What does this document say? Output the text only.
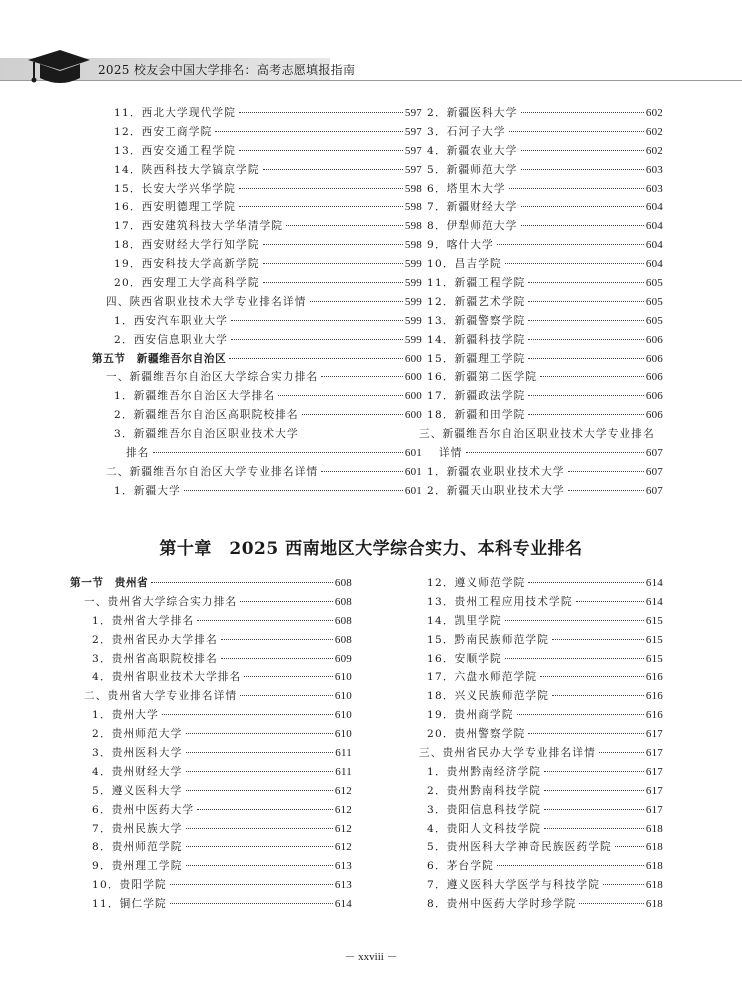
2025 校友会中国大学排名：高考志愿填报指南
11．西北大学现代学院	597
12．西安工商学院	597
13．西安交通工程学院	597
14．陕西科技大学镐京学院	597
15．长安大学兴华学院	598
16．西安明德理工学院	598
17．西安建筑科技大学华清学院	598
18．西安财经大学行知学院	598
19．西安科技大学高新学院	599
20．西安理工大学高科学院	599
四、陕西省职业技术大学专业排名详情	599
1．西安汽车职业大学	599
2．西安信息职业大学	599
第五节　新疆维吾尔自治区	600
一、新疆维吾尔自治区大学综合实力排名	600
1．新疆维吾尔自治区大学排名	600
2．新疆维吾尔自治区高职院校排名	600
3．新疆维吾尔自治区职业技术大学
排名	601
二、新疆维吾尔自治区大学专业排名详情	601
1．新疆大学	601
2．新疆医科大学	602
3．石河子大学	602
4．新疆农业大学	602
5．新疆师范大学	603
6．塔里木大学	603
7．新疆财经大学	604
8．伊犁师范大学	604
9．喀什大学	604
10．昌吉学院	604
11．新疆工程学院	605
12．新疆艺术学院	605
13．新疆警察学院	605
14．新疆科技学院	606
15．新疆理工学院	606
16．新疆第二医学院	606
17．新疆政法学院	606
18．新疆和田学院	606
三、新疆维吾尔自治区职业技术大学专业排名
详情	607
1．新疆农业职业技术大学	607
2．新疆天山职业技术大学	607
第十章　2025 西南地区大学综合实力、本科专业排名
第一节　贵州省	608
一、贵州省大学综合实力排名	608
1．贵州省大学排名	608
2．贵州省民办大学排名	608
3．贵州省高职院校排名	609
4．贵州省职业技术大学排名	610
二、贵州省大学专业排名详情	610
1．贵州大学	610
2．贵州师范大学	610
3．贵州医科大学	611
4．贵州财经大学	611
5．遵义医科大学	612
6．贵州中医药大学	612
7．贵州民族大学	612
8．贵州师范学院	612
9．贵州理工学院	613
10．贵阳学院	613
11．铜仁学院	614
12．遵义师范学院	614
13．贵州工程应用技术学院	614
14．凯里学院	615
15．黔南民族师范学院	615
16．安顺学院	615
17．六盘水师范学院	616
18．兴义民族师范学院	616
19．贵州商学院	616
20．贵州警察学院	617
三、贵州省民办大学专业排名详情	617
1．贵州黔南经济学院	617
2．贵州黔南科技学院	617
3．贵阳信息科技学院	617
4．贵阳人文科技学院	618
5．贵州医科大学神奇民族医药学院	618
6．茅台学院	618
7．遵义医科大学医学与科技学院	618
8．贵州中医药大学时珍学院	618
－ xxviii －
